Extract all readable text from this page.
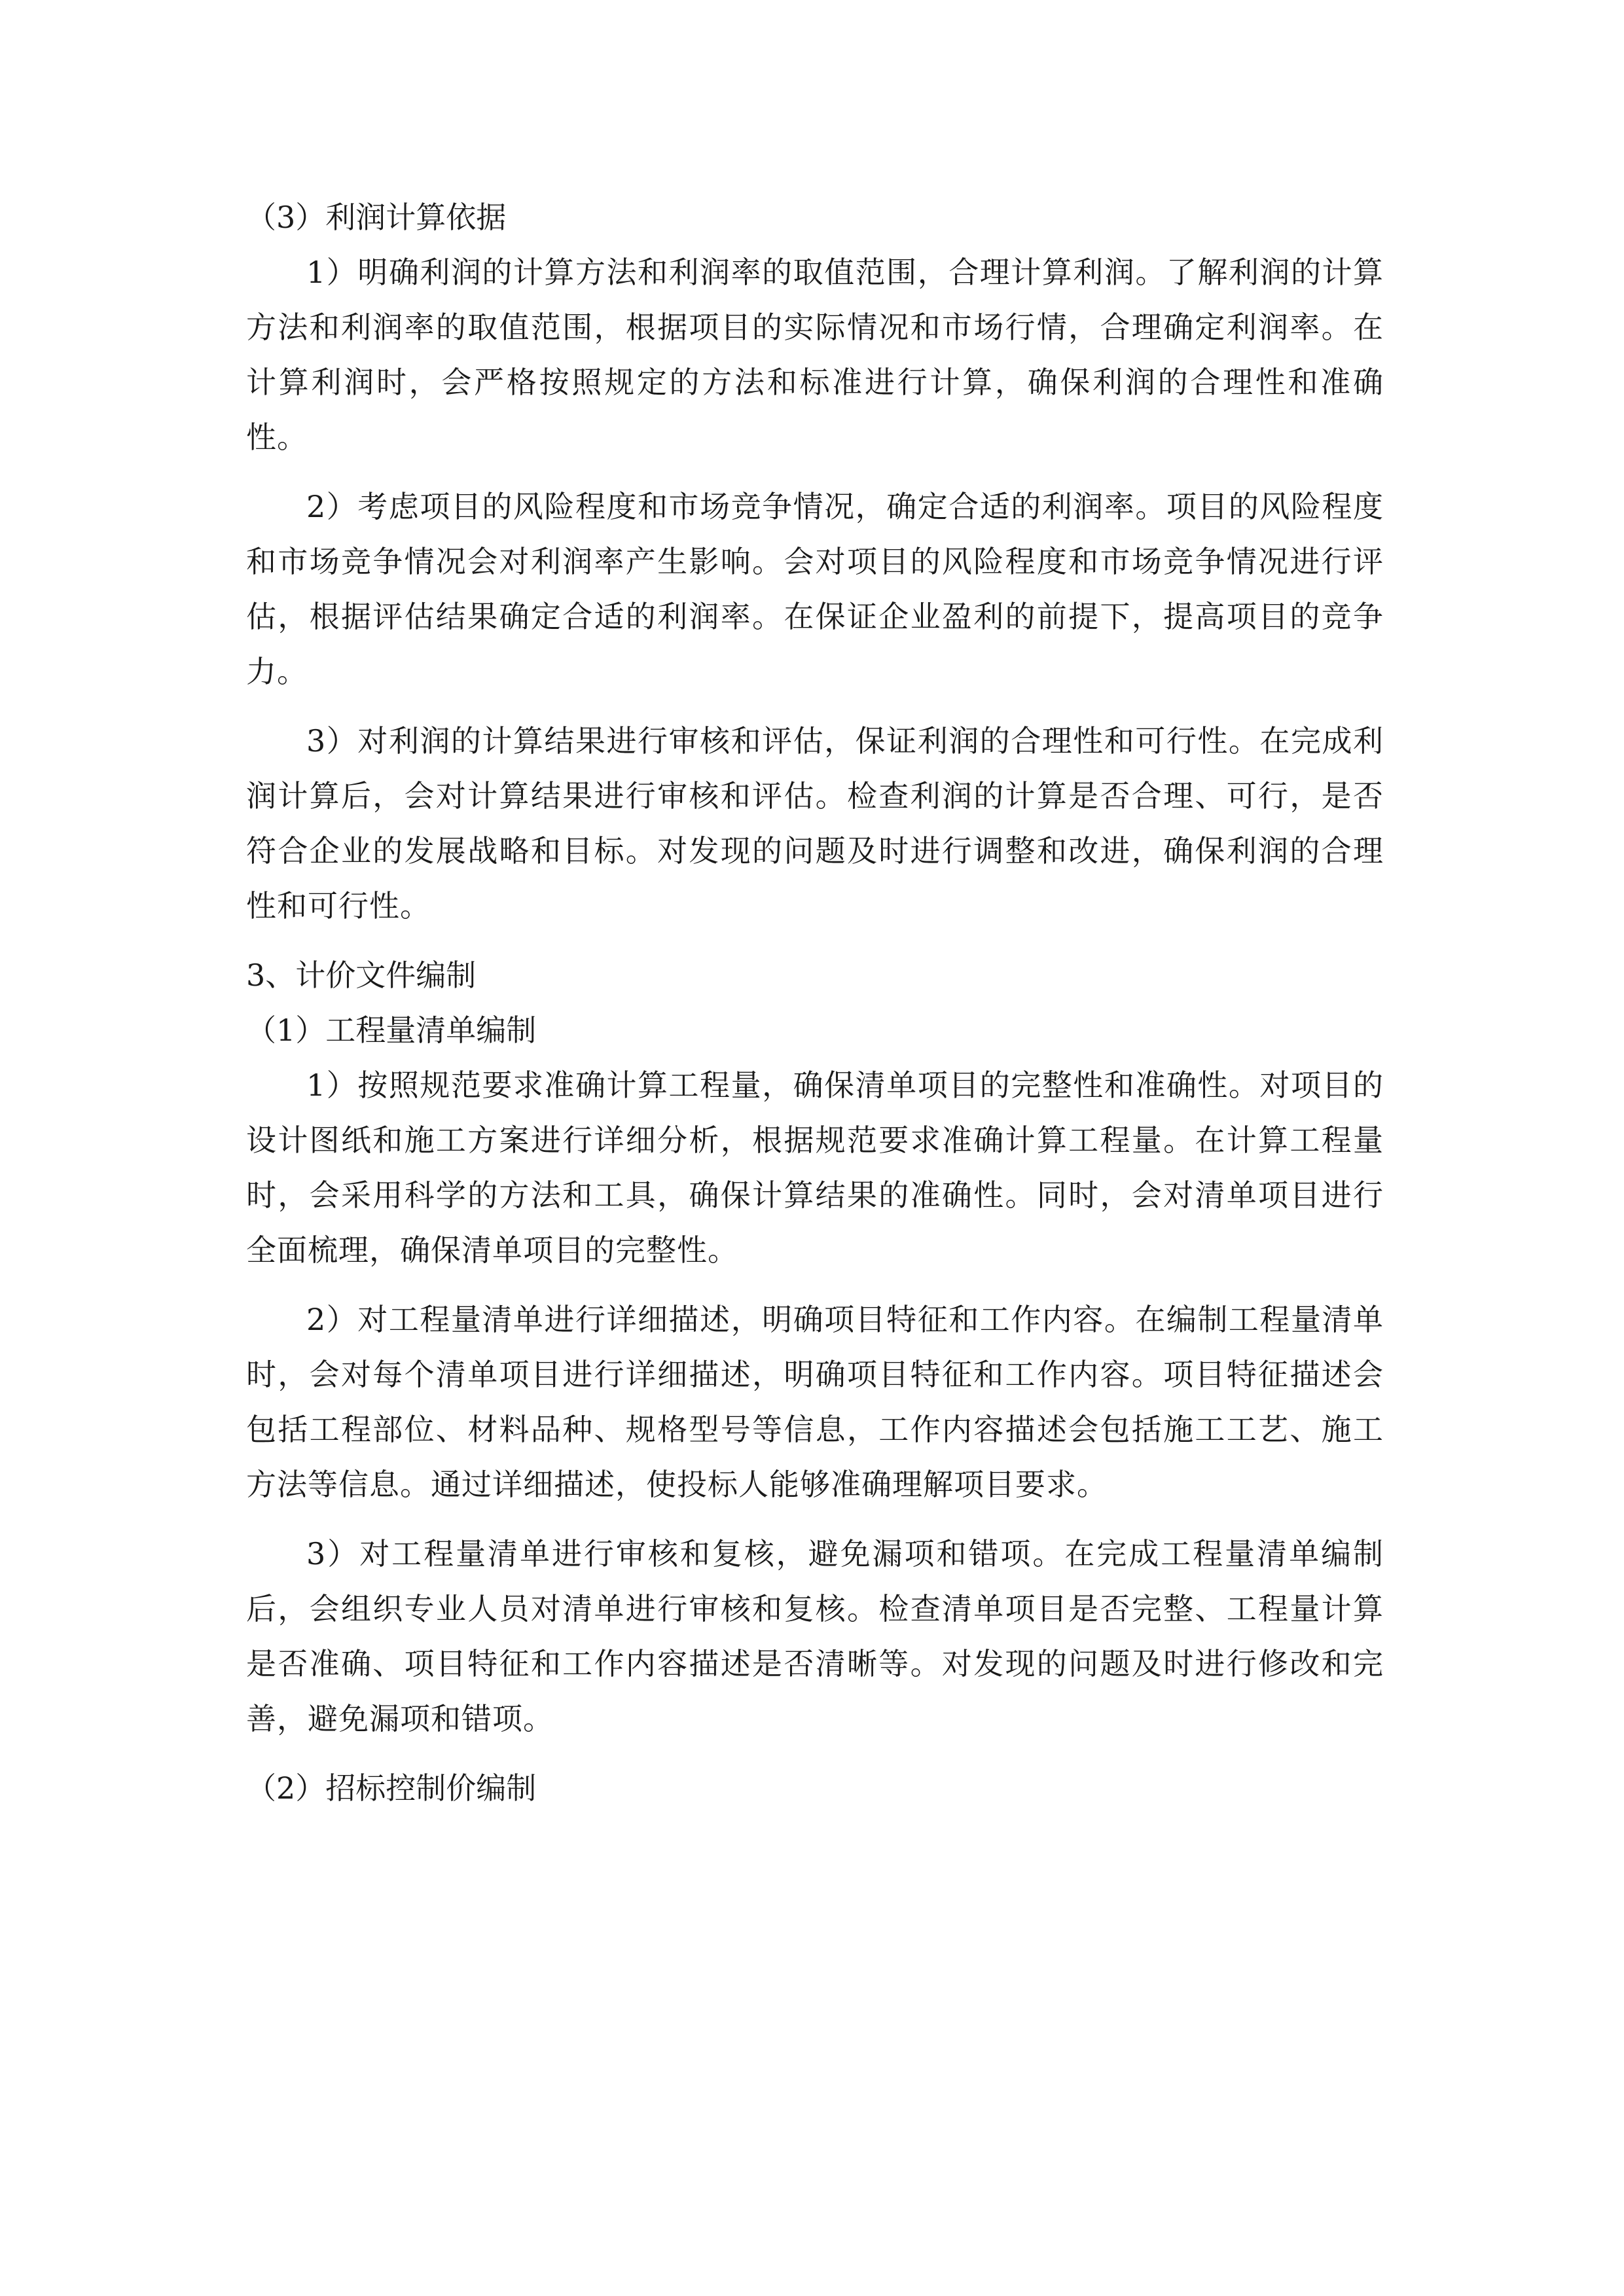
（3）利润计算依据

1）明确利润的计算方法和利润率的取值范围，合理计算利润。了解利润的计算方法和利润率的取值范围，根据项目的实际情况和市场行情，合理确定利润率。在计算利润时，会严格按照规定的方法和标准进行计算，确保利润的合理性和准确性。

2）考虑项目的风险程度和市场竞争情况，确定合适的利润率。项目的风险程度和市场竞争情况会对利润率产生影响。会对项目的风险程度和市场竞争情况进行评估，根据评估结果确定合适的利润率。在保证企业盈利的前提下，提高项目的竞争力。

3）对利润的计算结果进行审核和评估，保证利润的合理性和可行性。在完成利润计算后，会对计算结果进行审核和评估。检查利润的计算是否合理、可行，是否符合企业的发展战略和目标。对发现的问题及时进行调整和改进，确保利润的合理性和可行性。

3、计价文件编制

（1）工程量清单编制

1）按照规范要求准确计算工程量，确保清单项目的完整性和准确性。对项目的设计图纸和施工方案进行详细分析，根据规范要求准确计算工程量。在计算工程量时，会采用科学的方法和工具，确保计算结果的准确性。同时，会对清单项目进行全面梳理，确保清单项目的完整性。

2）对工程量清单进行详细描述，明确项目特征和工作内容。在编制工程量清单时，会对每个清单项目进行详细描述，明确项目特征和工作内容。项目特征描述会包括工程部位、材料品种、规格型号等信息，工作内容描述会包括施工工艺、施工方法等信息。通过详细描述，使投标人能够准确理解项目要求。

3）对工程量清单进行审核和复核，避免漏项和错项。在完成工程量清单编制后，会组织专业人员对清单进行审核和复核。检查清单项目是否完整、工程量计算是否准确、项目特征和工作内容描述是否清晰等。对发现的问题及时进行修改和完善，避免漏项和错项。

（2）招标控制价编制
